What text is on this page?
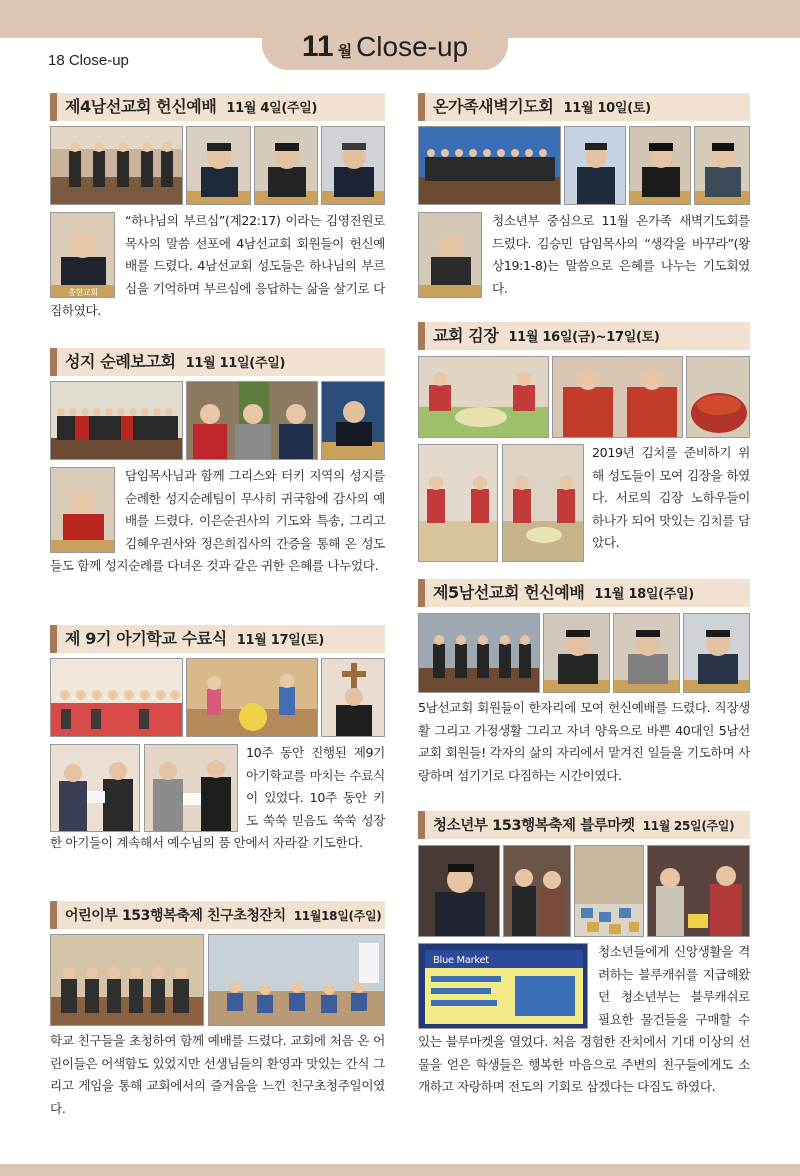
11 월 Close-up
18 Close-up
제4남선교회 헌신예배 11월 4일(주일)
충현교회
“하나님의 부르심”(계22:17) 이라는 김영진원로목사의 말씀 선포에 4남선교회 회원들이 헌신예배를 드렸다. 4남선교회 성도들은 하나님의 부르심을 기억하며 부르심에 응답하는 삶을 살기로 다짐하였다.
성지 순례보고회 11월 11일(주일)
담임목사님과 함께 그리스와 터키 지역의 성지를 순례한 성지순례팀이 무사히 귀국함에 감사의 예배를 드렸다. 이은순권사의 기도와 특송, 그리고 김혜우권사와 정은희집사의 간증을 통해 온 성도들도 함께 성지순례를 다녀온 것과 같은 귀한 은혜를 나누었다.
제 9기 아기학교 수료식 11월 17일(토)
10주 동안 진행된 제9기 아기학교를 마치는 수료식이 있었다. 10주 동안 키도 쑥쑥 믿음도 쑥쑥 성장한 아기들이 계속해서 예수님의 품 안에서 자라갈 기도한다.
어린이부 153행복축제 친구초청잔치 11월18일(주일)
학교 친구들을 초청하여 함께 예배를 드렸다. 교회에 처음 온 어린이들은 어색함도 있었지만 선생님들의 환영과 맛있는 간식 그리고 게임을 통해 교회에서의 즐거움을 느낀 친구초청주일이였다.
온가족새벽기도회 11월 10일(토)
청소년부 중심으로 11월 온가족 새벽기도회를 드렸다. 김승민 담임목사의 “생각을 바꾸라”(왕상19:1-8)는 말씀으로 은혜를 나누는 기도회였다.
교회 김장 11월 16일(금)~17일(토)
2019년 김치를 준비하기 위해 성도들이 모여 김장을 하였다. 서로의 김장 노하우들이 하나가 되어 맛있는 김치를 담았다.
제5남선교회 헌신예배 11월 18일(주일)
5남선교회 회원들이 한자리에 모여 헌신예배를 드렸다. 직장생활 그리고 가정생활 그리고 자녀 양육으로 바쁜 40대인 5남선교회 회원들! 각자의 삶의 자리에서 맡겨진 일들을 기도하며 사랑하며 섬기기로 다짐하는 시간이였다.
청소년부 153행복축제 블루마켓 11월 25일(주일)
Blue Market
청소년들에게 신앙생활을 격려하는 블루캐쉬를 지급해왔던 청소년부는 블루캐쉬로 필요한 물건들을 구매할 수 있는 블루마켓을 열었다. 처음 경험한 잔치에서 기대 이상의 선물을 얻은 학생들은 행복한 마음으로 주변의 친구들에게도 소개하고 자랑하며 전도의 기회로 삼겠다는 다짐도 하였다.
